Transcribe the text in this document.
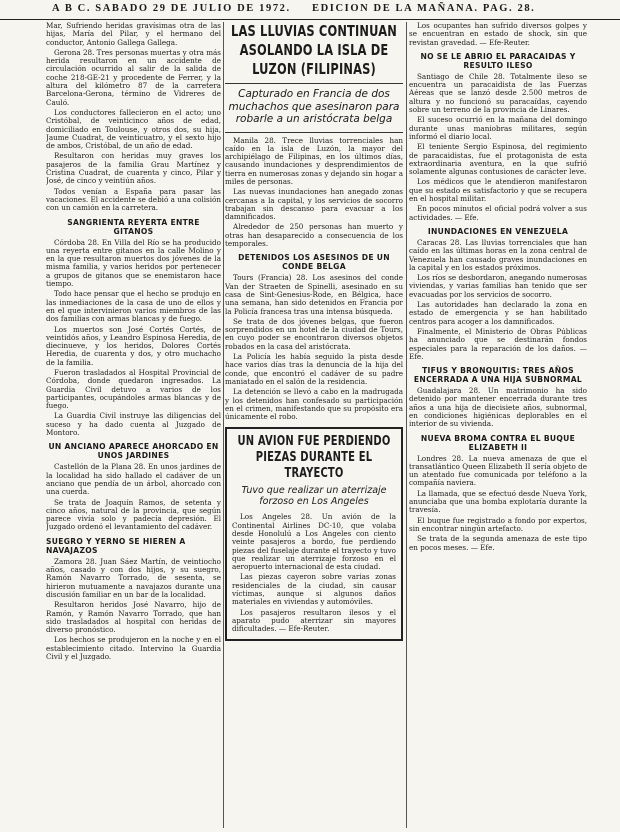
A B C. SABADO 29 DE JULIO DE 1972. EDICION DE LA MAÑANA. PAG. 28.

Mar, Sufriendo heridas gravísimas otra de las hijas, María del Pilar, y el hermano del conductor, Antonio Gallega Gallega.

Gerona 28. Tres personas muertas y otra más herida resultaron en un accidente de circulación ocurrido al salir de la salida de coche 218-GE-21 y procedente de Ferrer, y la altura del kilómetro 87 de la carretera Barcelona-Gerona, término de Vidreres de Cauló.

Los conductores fallecieron en el acto; uno Cristóbal, de veinticinco años de edad, domiciliado en Toulouse, y otros dos, su hija, Jaume Cuadrat, de veinticuatro, y el sexto hijo de ambos, Cristóbal, de un año de edad.

Resultaron con heridas muy graves los pasajeros de la familia Grau Martínez y Cristina Cuadrat, de cuarenta y cinco, Pilar y José, de cinco y veintiún años.

Todos venían a España para pasar las vacaciones. El accidente se debió a una colisión con un camión en la carretera.

SANGRIENTA REYERTA ENTRE GITANOS

Córdoba 28. En Villa del Río se ha producido una reyerta entre gitanos en la calle Molino y en la que resultaron muertos dos jóvenes de la misma familia, y varios heridos por pertenecer a grupos de gitanos que se enemistaron hace tiempo.

Todo hace pensar que el hecho se produjo en las inmediaciones de la casa de uno de ellos y en el que intervinieron varios miembros de las dos familias con armas blancas y de fuego.

Los muertos son José Cortés Cortés, de veintidós años, y Leandro Espinosa Heredia, de diecinueve, y los heridos, Dolores Cortés Heredia, de cuarenta y dos, y otro muchacho de la familia.

Fueron trasladados al Hospital Provincial de Córdoba, donde quedaron ingresados. La Guardia Civil detuvo a varios de los participantes, ocupándoles armas blancas y de fuego.

La Guardia Civil instruye las diligencias del suceso y ha dado cuenta al Juzgado de Montoro.

UN ANCIANO APARECE AHORCADO EN UNOS JARDINES

Castellón de la Plana 28. En unos jardines de la localidad ha sido hallado el cadáver de un anciano que pendía de un árbol, ahorcado con una cuerda.

Se trata de Joaquín Ramos, de setenta y cinco años, natural de la provincia, que según parece vivía solo y padecía depresión. El Juzgado ordenó el levantamiento del cadáver.

SUEGRO Y YERNO SE HIEREN A NAVAJAZOS

Zamora 28. Juan Sáez Martín, de veintiocho años, casado y con dos hijos, y su suegro, Ramón Navarro Torrado, de sesenta, se hirieron mutuamente a navajazos durante una discusión familiar en un bar de la localidad.

Resultaron heridos José Navarro, hijo de Ramón, y Ramón Navarro Torrado, que han sido trasladados al hospital con heridas de diverso pronóstico.

Los hechos se produjeron en la noche y en el establecimiento citado. Intervino la Guardia Civil y el Juzgado.

LAS LLUVIAS CONTINUAN ASOLANDO LA ISLA DE LUZON (FILIPINAS)
Capturado en Francia de dos muchachos que asesinaron para robarle a un aristócrata belga

Manila 28. Trece lluvias torrenciales han caído en la isla de Luzón, la mayor del archipiélago de Filipinas, en los últimos días, causando inundaciones y desprendimientos de tierra en numerosas zonas y dejando sin hogar a miles de personas.

Las nuevas inundaciones han anegado zonas cercanas a la capital, y los servicios de socorro trabajan sin descanso para evacuar a los damnificados.

Alrededor de 250 personas han muerto y otras han desaparecido a consecuencia de los temporales.

DETENIDOS LOS ASESINOS DE UN CONDE BELGA

Tours (Francia) 28. Los asesinos del conde Van der Straeten de Spinelli, asesinado en su casa de Sint-Genesius-Rode, en Bélgica, hace una semana, han sido detenidos en Francia por la Policía francesa tras una intensa búsqueda.

Se trata de dos jóvenes belgas, que fueron sorprendidos en un hotel de la ciudad de Tours, en cuyo poder se encontraron diversos objetos robados en la casa del aristócrata.

La Policía les había seguido la pista desde hace varios días tras la denuncia de la hija del conde, que encontró el cadáver de su padre maniatado en el salón de la residencia.

La detención se llevó a cabo en la madrugada y los detenidos han confesado su participación en el crimen, manifestando que su propósito era únicamente el robo.

UN AVION FUE PERDIENDO PIEZAS DURANTE EL TRAYECTO
Tuvo que realizar un aterrizaje forzoso en Los Angeles

Los Angeles 28. Un avión de la Continental Airlines DC-10, que volaba desde Honolulú a Los Angeles con ciento veinte pasajeros a bordo, fue perdiendo piezas del fuselaje durante el trayecto y tuvo que realizar un aterrizaje forzoso en el aeropuerto internacional de esta ciudad.

Las piezas cayeron sobre varias zonas residenciales de la ciudad, sin causar víctimas, aunque si algunos daños materiales en viviendas y automóviles.

Los pasajeros resultaron ilesos y el aparato pudo aterrizar sin mayores dificultades. — Efe-Reuter.

Los ocupantes han sufrido diversos golpes y se encuentran en estado de shock, sin que revistan gravedad. — Efe-Reuter.

NO SE LE ABRIO EL PARACAIDAS Y RESULTO ILESO

Santiago de Chile 28. Totalmente ileso se encuentra un paracaidista de las Fuerzas Aéreas que se lanzó desde 2.500 metros de altura y no funcionó su paracaídas, cayendo sobre un terreno de la provincia de Linares.

El suceso ocurrió en la mañana del domingo durante unas maniobras militares, según informó el diario local.

El teniente Sergio Espinosa, del regimiento de paracaidistas, fue el protagonista de esta extraordinaria aventura, en la que sufrió solamente algunas contusiones de carácter leve.

Los médicos que le atendieron manifestaron que su estado es satisfactorio y que se recupera en el hospital militar.

En pocos minutos el oficial podrá volver a sus actividades. — Efe.

INUNDACIONES EN VENEZUELA

Caracas 28. Las lluvias torrenciales que han caído en las últimas horas en la zona central de Venezuela han causado graves inundaciones en la capital y en los estados próximos.

Los ríos se desbordaron, anegando numerosas viviendas, y varias familias han tenido que ser evacuadas por los servicios de socorro.

Las autoridades han declarado la zona en estado de emergencia y se han habilitado centros para acoger a los damnificados.

Finalmente, el Ministerio de Obras Públicas ha anunciado que se destinarán fondos especiales para la reparación de los daños. — Efe.

TIFUS Y BRONQUITIS: TRES AÑOS ENCERRADA A UNA HIJA SUBNORMAL

Guadalajara 28. Un matrimonio ha sido detenido por mantener encerrada durante tres años a una hija de diecisiete años, subnormal, en condiciones higiénicas deplorables en el interior de su vivienda.

NUEVA BROMA CONTRA EL BUQUE ELIZABETH II

Londres 28. La nueva amenaza de que el transatlántico Queen Elizabeth II sería objeto de un atentado fue comunicada por teléfono a la compañía naviera.

La llamada, que se efectuó desde Nueva York, anunciaba que una bomba explotaría durante la travesía.

El buque fue registrado a fondo por expertos, sin encontrar ningún artefacto.

Se trata de la segunda amenaza de este tipo en pocos meses. — Efe.
